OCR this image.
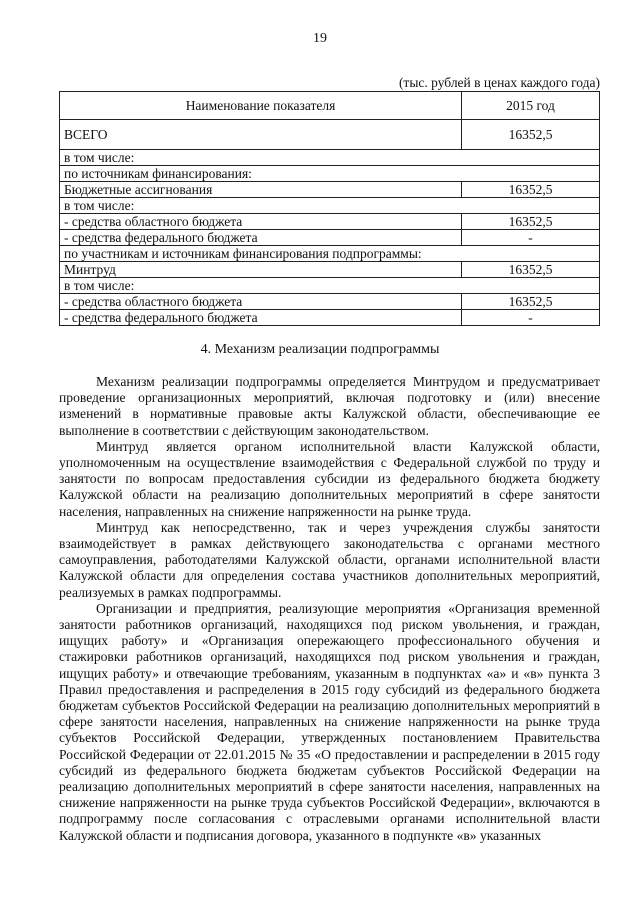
19
(тыс. рублей в ценах каждого года)
Наименование показателя	2015 год
ВСЕГО	16352,5
в том числе:	
по источникам финансирования:	
Бюджетные ассигнования	16352,5
в том числе:	
- средства областного бюджета	16352,5
- средства федерального бюджета	-
по участникам и источникам финансирования подпрограммы:	
Минтруд	16352,5
в том числе:	
- средства областного бюджета	16352,5
- средства федерального бюджета	-
4. Механизм реализации подпрограммы

Механизм реализации подпрограммы определяется Минтрудом и предусматривает проведение организационных мероприятий, включая подготовку и (или) внесение изменений в нормативные правовые акты Калужской области, обеспечивающие ее выполнение в соответствии с действующим законодательством.

Минтруд является органом исполнительной власти Калужской области, уполномоченным на осуществление взаимодействия с Федеральной службой по труду и занятости по вопросам предоставления субсидии из федерального бюджета бюджету Калужской области на реализацию дополнительных мероприятий в сфере занятости населения, направленных на снижение напряженности на рынке труда.

Минтруд как непосредственно, так и через учреждения службы занятости взаимодействует в рамках действующего законодательства с органами местного самоуправления, работодателями Калужской области, органами исполнительной власти Калужской области для определения состава участников дополнительных мероприятий, реализуемых в рамках подпрограммы.

Организации и предприятия, реализующие мероприятия «Организация временной занятости работников организаций, находящихся под риском увольнения, и граждан, ищущих работу» и «Организация опережающего профессионального обучения и стажировки работников организаций, находящихся под риском увольнения и граждан, ищущих работу» и отвечающие требованиям, указанным в подпунктах «а» и «в» пункта 3 Правил предоставления и распределения в 2015 году субсидий из федерального бюджета бюджетам субъектов Российской Федерации на реализацию дополнительных мероприятий в сфере занятости населения, направленных на снижение напряженности на рынке труда субъектов Российской Федерации, утвержденных постановлением Правительства Российской Федерации от 22.01.2015 № 35 «О предоставлении и распределении в 2015 году субсидий из федерального бюджета бюджетам субъектов Российской Федерации на реализацию дополнительных мероприятий в сфере занятости населения, направленных на снижение напряженности на рынке труда субъектов Российской Федерации», включаются в подпрограмму после согласования с отраслевыми органами исполнительной власти Калужской области и подписания договора, указанного в подпункте «в» указанных
